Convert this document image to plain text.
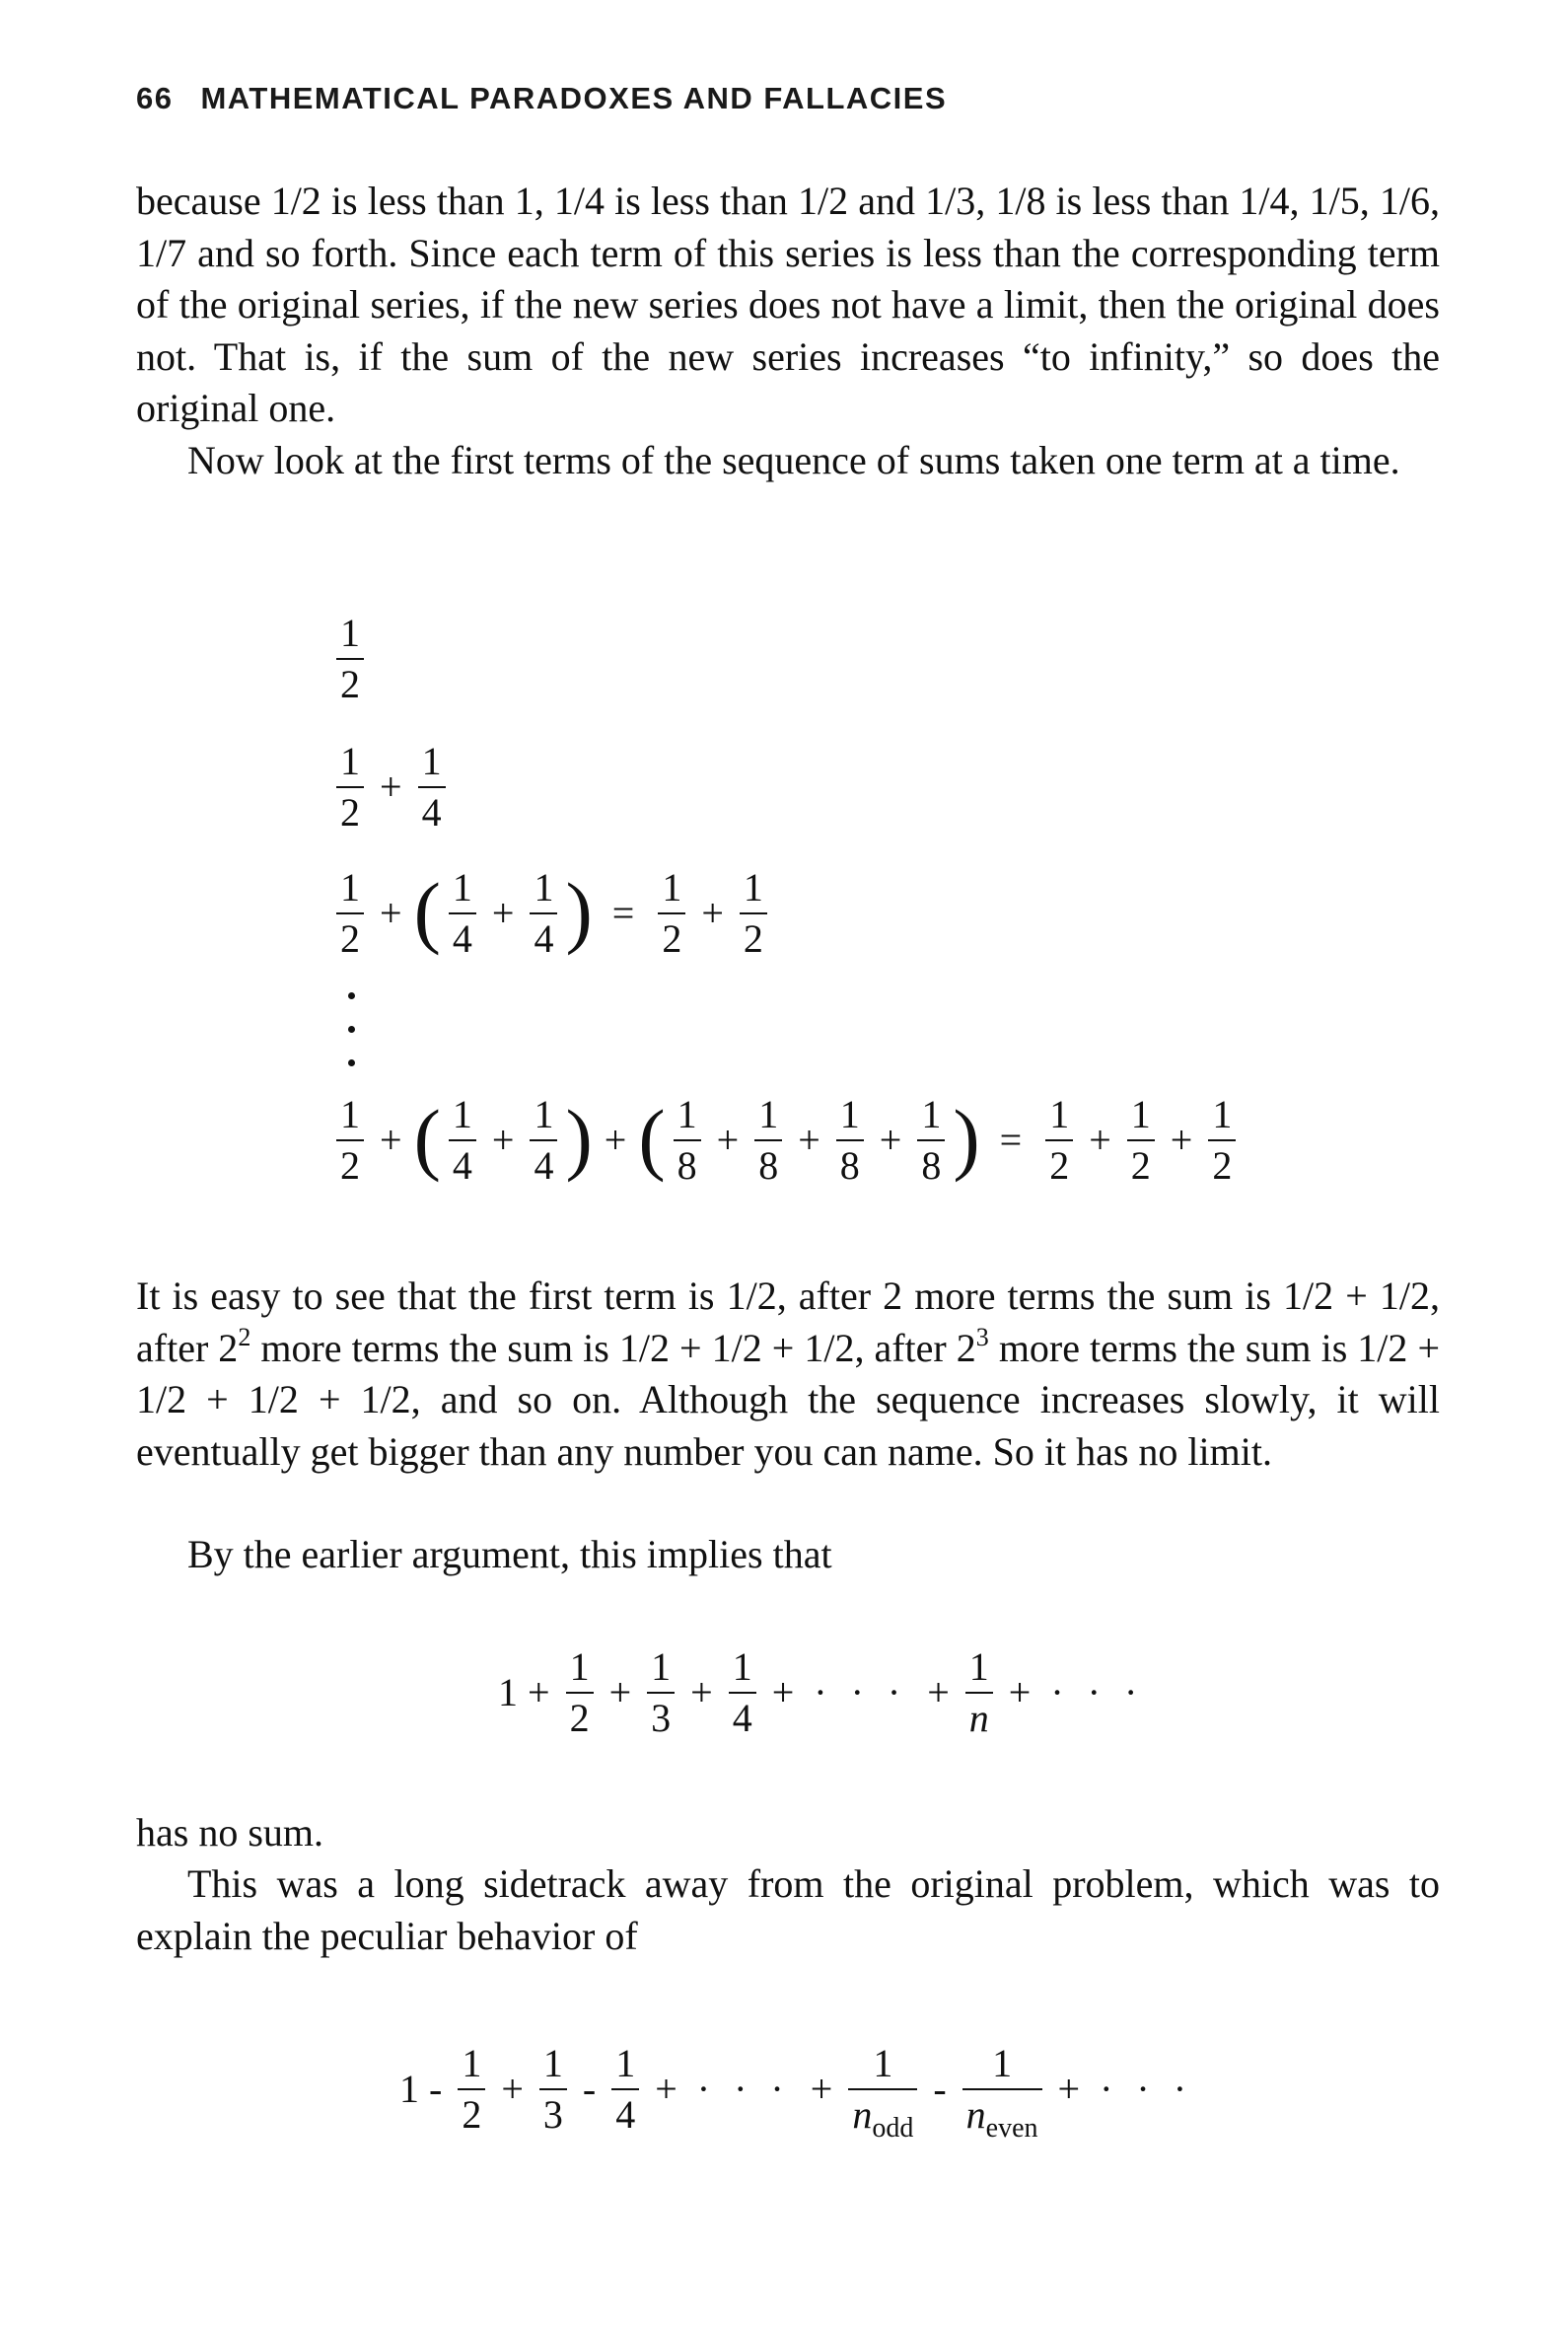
66 MATHEMATICAL PARADOXES AND FALLACIES

because 1/2 is less than 1, 1/4 is less than 1/2 and 1/3, 1/8 is less than 1/4, 1/5, 1/6, 1/7 and so forth. Since each term of this series is less than the corresponding term of the original series, if the new series does not have a limit, then the original does not. That is, if the sum of the new series increases “to infinity,” so does the original one.

Now look at the first terms of the sequence of sums taken one term at a time.

$\frac{1}{2}$
$\frac{1}{2} + \frac{1}{4}$
$\frac{1}{2}$ + ( $\frac{1}{4} + \frac{1}{4}$ ) = $\frac{1}{2} + \frac{1}{2}$
$\frac{1}{2}$ + ( $\frac{1}{4} + \frac{1}{4}$ ) + ( $\frac{1}{8} + \frac{1}{8} + \frac{1}{8} + \frac{1}{8}$ ) = $\frac{1}{2} + \frac{1}{2} + \frac{1}{2}$

It is easy to see that the first term is 1/2, after 2 more terms the sum is 1/2 + 1/2, after $2^2$ more terms the sum is 1/2 + 1/2 + 1/2, after $2^3$ more terms the sum is 1/2 + 1/2 + 1/2 + 1/2, and so on. Although the sequence increases slowly, it will eventually get bigger than any number you can name. So it has no limit.

By the earlier argument, this implies that

$1 + \frac{1}{2} + \frac{1}{3} + \frac{1}{4}$ + · · · + $\frac{1}{n}$ + · · ·

has no sum.

This was a long sidetrack away from the original problem, which was to explain the peculiar behavior of

$1 - \frac{1}{2} + \frac{1}{3} - \frac{1}{4}$ + · · · + $\frac{1}{n_{odd}} - \frac{1}{n_{even}}$ + · · ·
